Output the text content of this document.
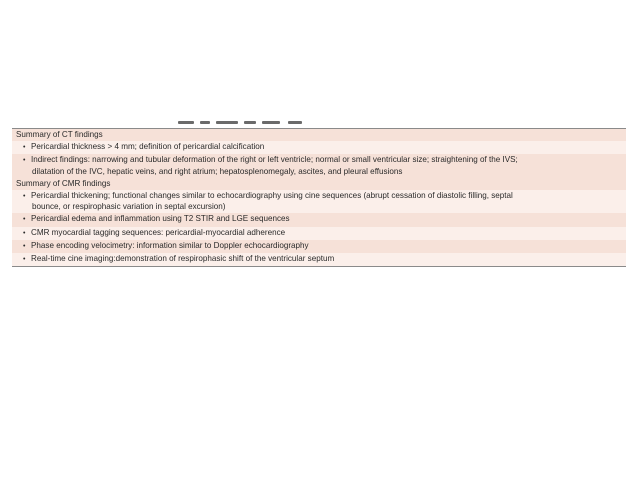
Summary of CT findings
• Pericardial thickness > 4 mm; definition of pericardial calcification
• Indirect findings: narrowing and tubular deformation of the right or left ventricle; normal or small ventricular size; straightening of the IVS;
dilatation of the IVC, hepatic veins, and right atrium; hepatosplenomegaly, ascites, and pleural effusions
Summary of CMR findings
• Pericardial thickening; functional changes similar to echocardiography using cine sequences (abrupt cessation of diastolic filling, septal
bounce, or respirophasic variation in septal excursion)
• Pericardial edema and inflammation using T2 STIR and LGE sequences
• CMR myocardial tagging sequences: pericardial-myocardial adherence
• Phase encoding velocimetry: information similar to Doppler echocardiography
• Real-time cine imaging:demonstration of respirophasic shift of the ventricular septum
